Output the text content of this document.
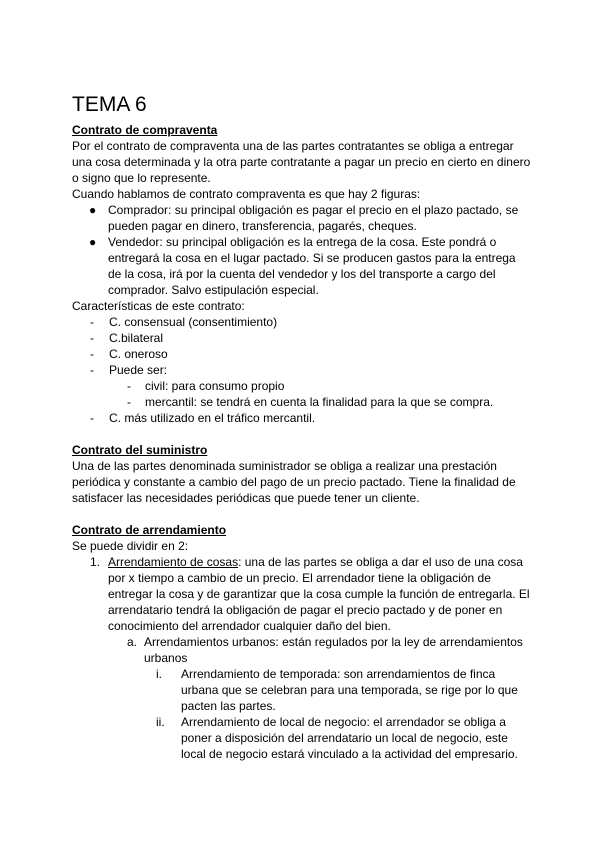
TEMA 6

Contrato de compraventa

Por el contrato de compraventa una de las partes contratantes se obliga a entregar una cosa determinada y la otra parte contratante a pagar un precio en cierto en dinero o signo que lo represente.

Cuando hablamos de contrato compraventa es que hay 2 figuras:

● Comprador: su principal obligación es pagar el precio en el plazo pactado, se pueden pagar en dinero, transferencia, pagarés, cheques.
● Vendedor: su principal obligación es la entrega de la cosa. Este pondrá o entregará la cosa en el lugar pactado. Si se producen gastos para la entrega de la cosa, irá por la cuenta del vendedor y los del transporte a cargo del comprador. Salvo estipulación especial.

Características de este contrato:

- C. consensual (consentimiento)
- C.bilateral
- C. oneroso
- Puede ser:
- civil: para consumo propio
- mercantil: se tendrá en cuenta la finalidad para la que se compra.
- C. más utilizado en el tráfico mercantil.

Contrato del suministro

Una de las partes denominada suministrador se obliga a realizar una prestación periódica y constante a cambio del pago de un precio pactado. Tiene la finalidad de satisfacer las necesidades periódicas que puede tener un cliente.

Contrato de arrendamiento

Se puede dividir en 2:

1. Arrendamiento de cosas: una de las partes se obliga a dar el uso de una cosa por x tiempo a cambio de un precio. El arrendador tiene la obligación de entregar la cosa y de garantizar que la cosa cumple la función de entregarla. El arrendatario tendrá la obligación de pagar el precio pactado y de poner en conocimiento del arrendador cualquier daño del bien.
a. Arrendamientos urbanos: están regulados por la ley de arrendamientos urbanos
i. Arrendamiento de temporada: son arrendamientos de finca urbana que se celebran para una temporada, se rige por lo que pacten las partes.
ii. Arrendamiento de local de negocio: el arrendador se obliga a poner a disposición del arrendatario un local de negocio, este local de negocio estará vinculado a la actividad del empresario.
